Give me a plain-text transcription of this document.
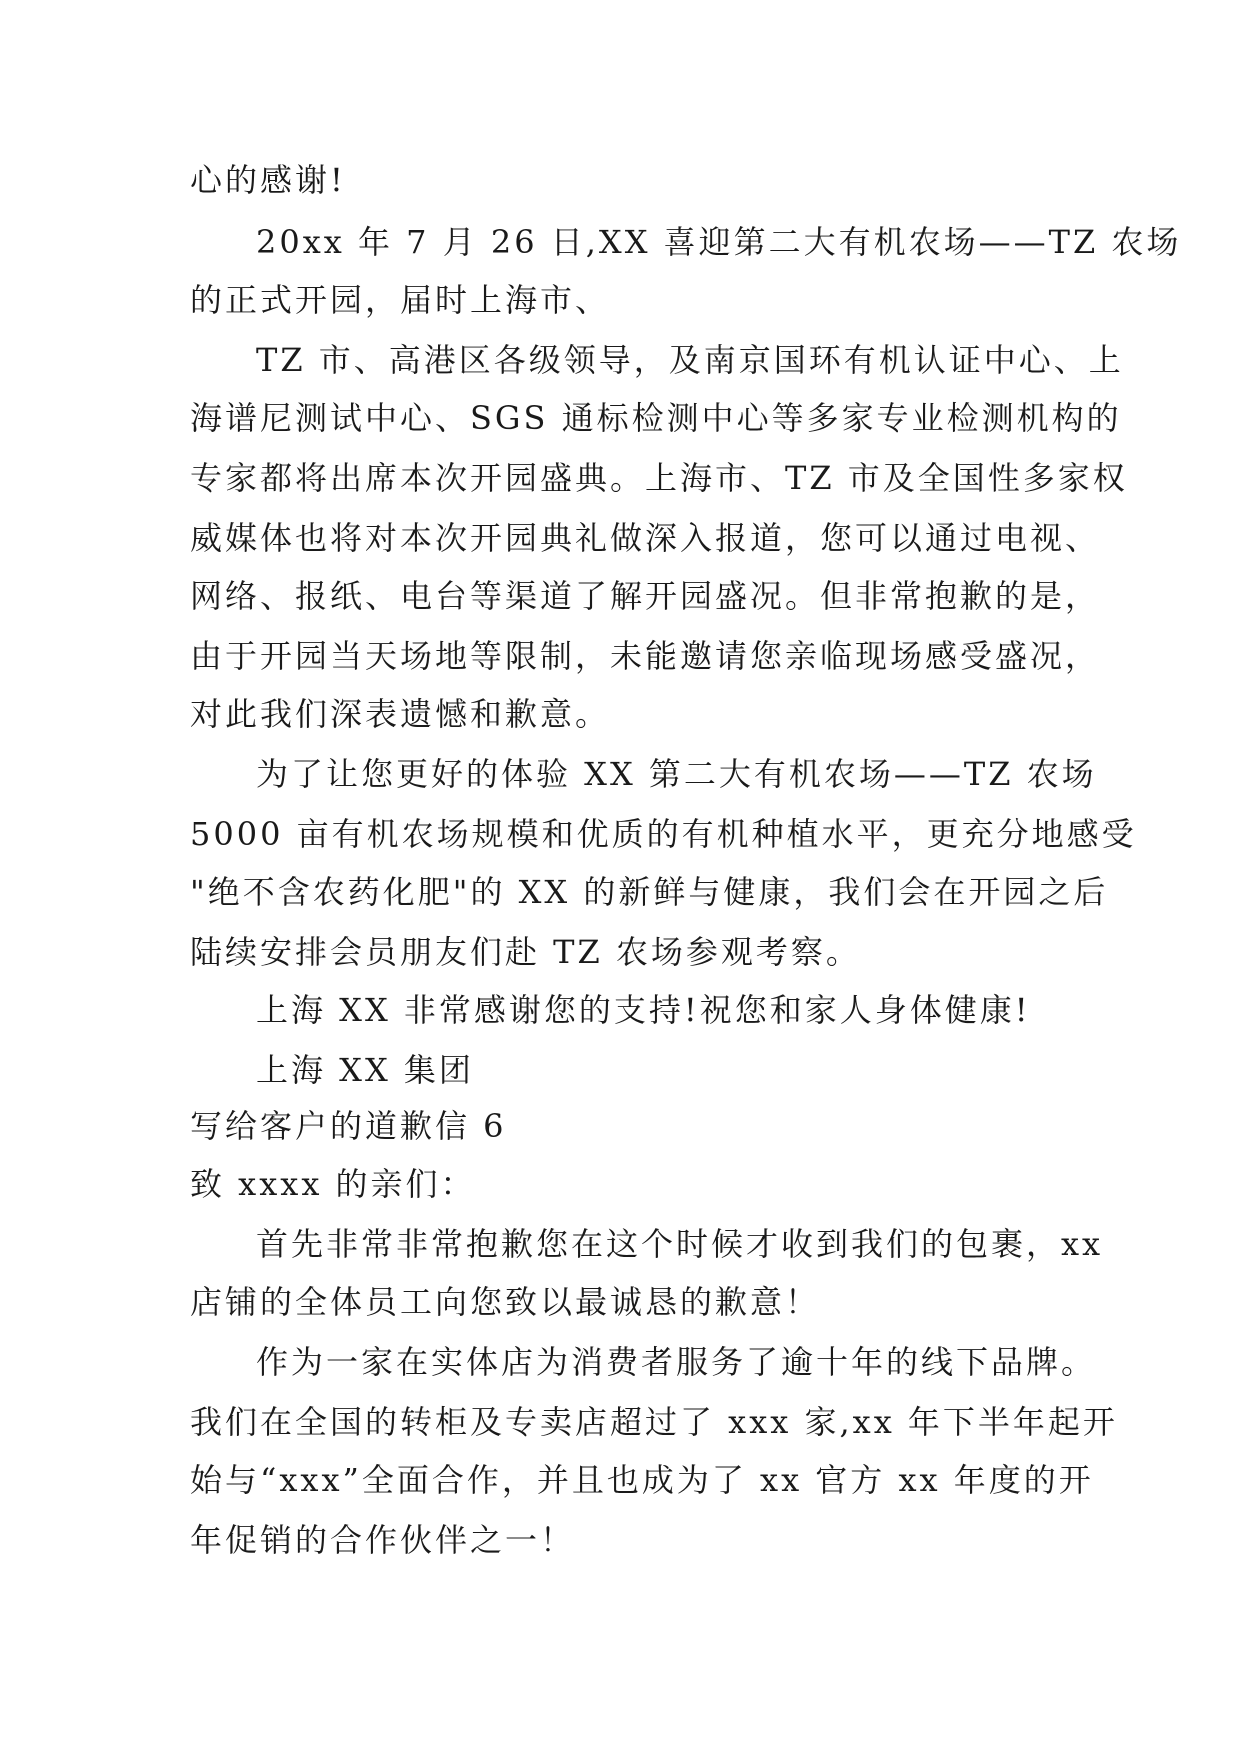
心的感谢!
20xx 年 7 月 26 日,XX 喜迎第二大有机农场——TZ 农场
的正式开园，届时上海市、
TZ 市、高港区各级领导，及南京国环有机认证中心、上
海谱尼测试中心、SGS 通标检测中心等多家专业检测机构的
专家都将出席本次开园盛典。上海市、TZ 市及全国性多家权
威媒体也将对本次开园典礼做深入报道，您可以通过电视、
网络、报纸、电台等渠道了解开园盛况。但非常抱歉的是，
由于开园当天场地等限制，未能邀请您亲临现场感受盛况，
对此我们深表遗憾和歉意。
为了让您更好的体验 XX 第二大有机农场——TZ 农场
5000 亩有机农场规模和优质的有机种植水平，更充分地感受
"绝不含农药化肥"的 XX 的新鲜与健康，我们会在开园之后
陆续安排会员朋友们赴 TZ 农场参观考察。
上海 XX 非常感谢您的支持!祝您和家人身体健康!
上海 XX 集团
写给客户的道歉信 6
致 xxxx 的亲们：
首先非常非常抱歉您在这个时候才收到我们的包裹，xx
店铺的全体员工向您致以最诚恳的歉意！
作为一家在实体店为消费者服务了逾十年的线下品牌。
我们在全国的转柜及专卖店超过了 xxx 家,xx 年下半年起开
始与“xxx”全面合作，并且也成为了 xx 官方 xx 年度的开
年促销的合作伙伴之一！
